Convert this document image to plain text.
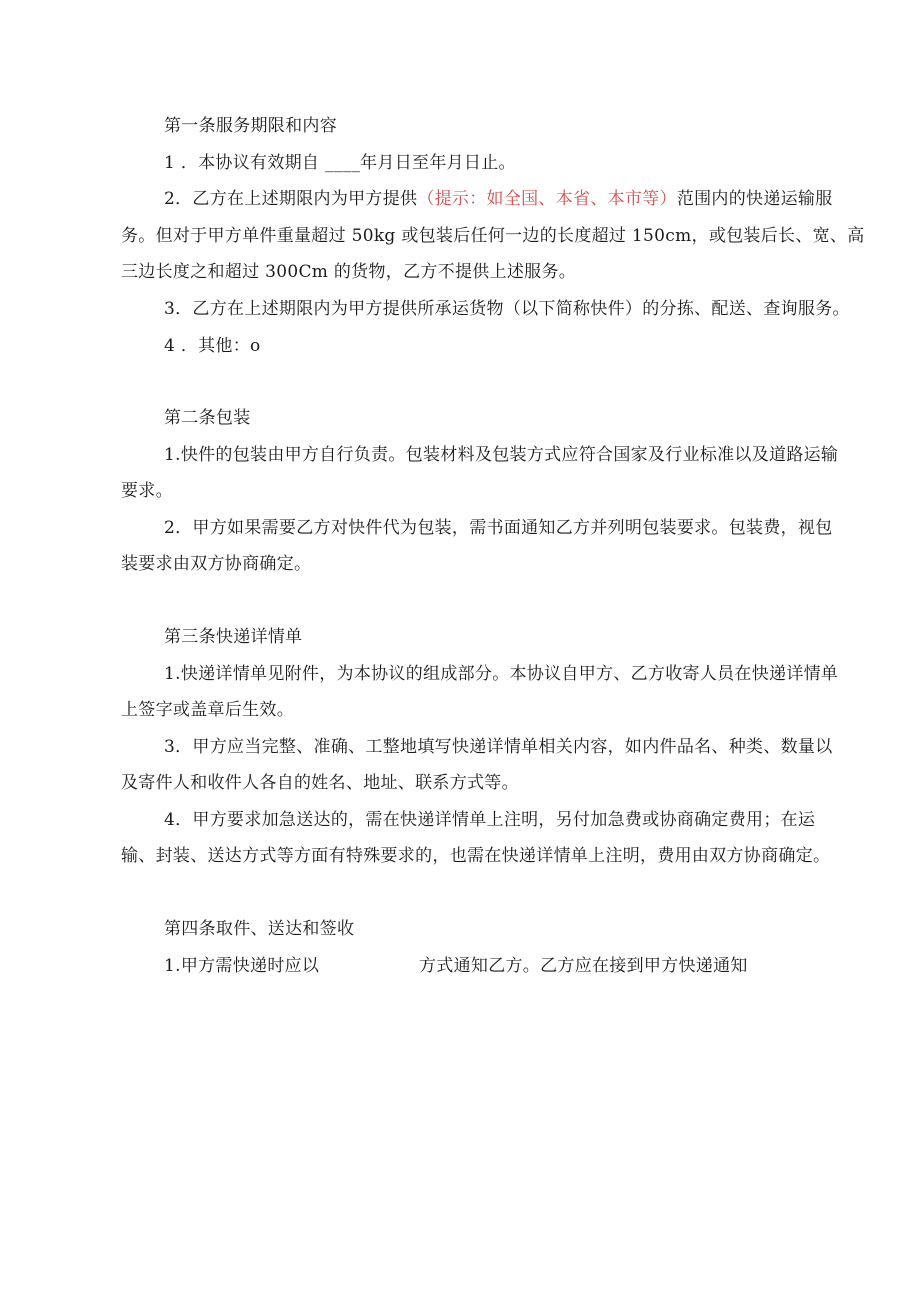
第一条服务期限和内容
1 ．本协议有效期自 ____年月日至年月日止。
2．乙方在上述期限内为甲方提供（提示：如全国、本省、本市等）范围内的快递运输服
务。但对于甲方单件重量超过 50kg 或包装后任何一边的长度超过 150cm，或包装后长、宽、高
三边长度之和超过 300Cm 的货物，乙方不提供上述服务。
3．乙方在上述期限内为甲方提供所承运货物（以下简称快件）的分拣、配送、查询服务。
4 ．其他：o
第二条包装
1.快件的包装由甲方自行负责。包装材料及包装方式应符合国家及行业标准以及道路运输
要求。
2．甲方如果需要乙方对快件代为包装，需书面通知乙方并列明包装要求。包装费，视包
装要求由双方协商确定。
第三条快递详情单
1.快递详情单见附件，为本协议的组成部分。本协议自甲方、乙方收寄人员在快递详情单
上签字或盖章后生效。
3．甲方应当完整、准确、工整地填写快递详情单相关内容，如内件品名、种类、数量以
及寄件人和收件人各自的姓名、地址、联系方式等。
4．甲方要求加急送达的，需在快递详情单上注明，另付加急费或协商确定费用；在运
输、封装、送达方式等方面有特殊要求的，也需在快递详情单上注明，费用由双方协商确定。
第四条取件、送达和签收
1.甲方需快递时应以	方式通知乙方。乙方应在接到甲方快递通知
